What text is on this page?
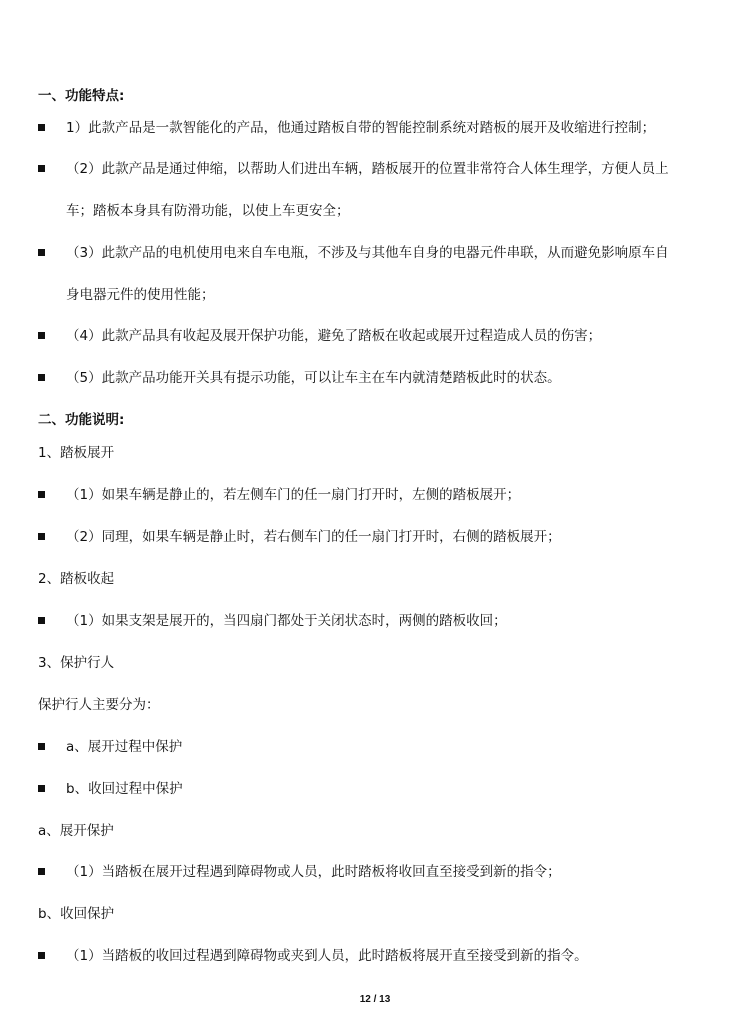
一、功能特点:
1）此款产品是一款智能化的产品，他通过踏板自带的智能控制系统对踏板的展开及收缩进行控制；
（2）此款产品是通过伸缩，以帮助人们进出车辆，踏板展开的位置非常符合人体生理学，方便人员上
车；踏板本身具有防滑功能，以使上车更安全；
（3）此款产品的电机使用电来自车电瓶，不涉及与其他车自身的电器元件串联，从而避免影响原车自
身电器元件的使用性能；
（4）此款产品具有收起及展开保护功能，避免了踏板在收起或展开过程造成人员的伤害；
（5）此款产品功能开关具有提示功能，可以让车主在车内就清楚踏板此时的状态。
二、功能说明:
1、踏板展开
（1）如果车辆是静止的，若左侧车门的任一扇门打开时，左侧的踏板展开；
（2）同理，如果车辆是静止时，若右侧车门的任一扇门打开时，右侧的踏板展开；
2、踏板收起
（1）如果支架是展开的，当四扇门都处于关闭状态时，两侧的踏板收回；
3、保护行人
保护行人主要分为：
a、展开过程中保护
b、收回过程中保护
a、展开保护
（1）当踏板在展开过程遇到障碍物或人员，此时踏板将收回直至接受到新的指令；
b、收回保护
（1）当踏板的收回过程遇到障碍物或夹到人员，此时踏板将展开直至接受到新的指令。
12 / 13
